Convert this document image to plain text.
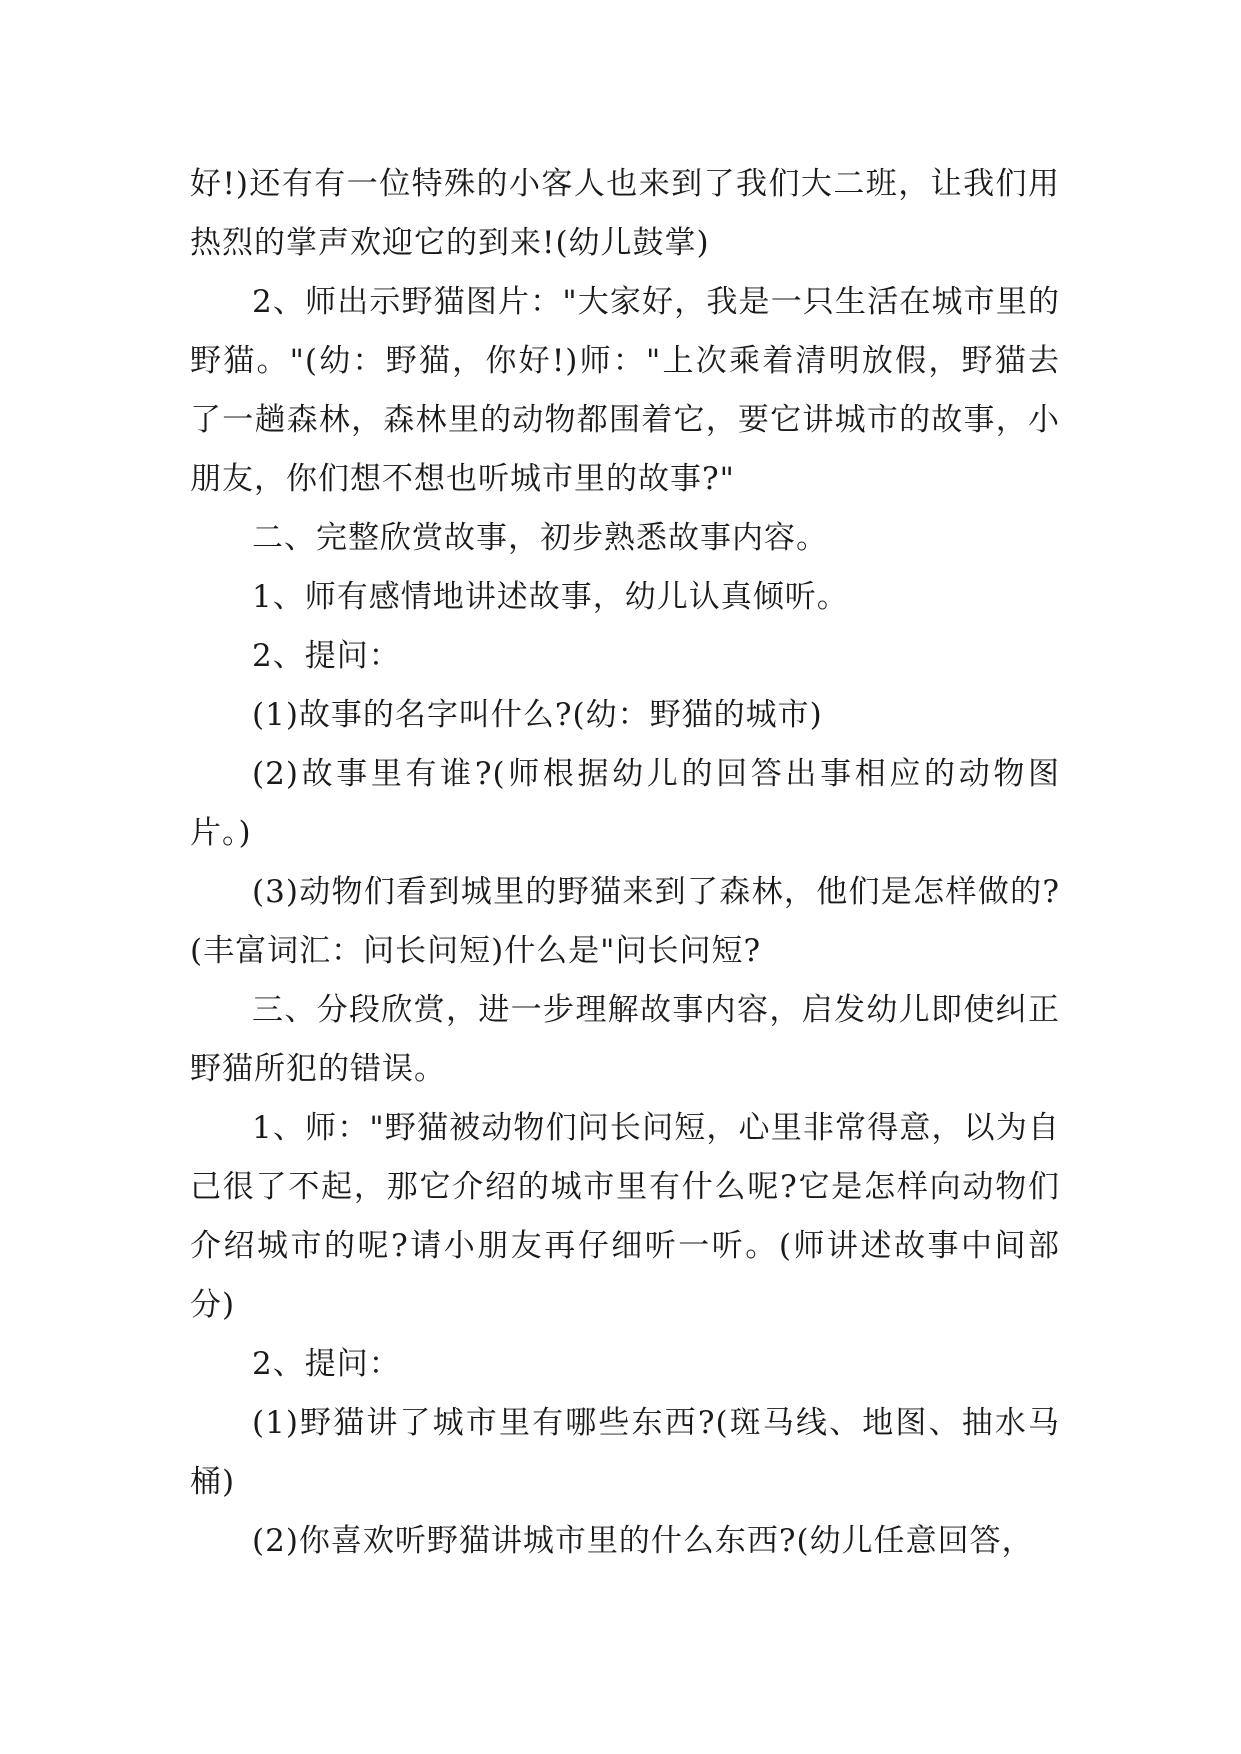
好!)还有有一位特殊的小客人也来到了我们大二班，让我们用热烈的掌声欢迎它的到来!(幼儿鼓掌)

2、师出示野猫图片："大家好，我是一只生活在城市里的野猫。"(幼：野猫，你好!)师："上次乘着清明放假，野猫去了一趟森林，森林里的动物都围着它，要它讲城市的故事，小朋友，你们想不想也听城市里的故事?"

二、完整欣赏故事，初步熟悉故事内容。

1、师有感情地讲述故事，幼儿认真倾听。

2、提问：

(1)故事的名字叫什么?(幼：野猫的城市)

(2)故事里有谁?(师根据幼儿的回答出事相应的动物图片。)

(3)动物们看到城里的野猫来到了森林，他们是怎样做的?(丰富词汇：问长问短)什么是"问长问短?

三、分段欣赏，进一步理解故事内容，启发幼儿即使纠正野猫所犯的错误。

1、师："野猫被动物们问长问短，心里非常得意，以为自己很了不起，那它介绍的城市里有什么呢?它是怎样向动物们介绍城市的呢?请小朋友再仔细听一听。(师讲述故事中间部分)

2、提问：

(1)野猫讲了城市里有哪些东西?(斑马线、地图、抽水马桶)

(2)你喜欢听野猫讲城市里的什么东西?(幼儿任意回答，
